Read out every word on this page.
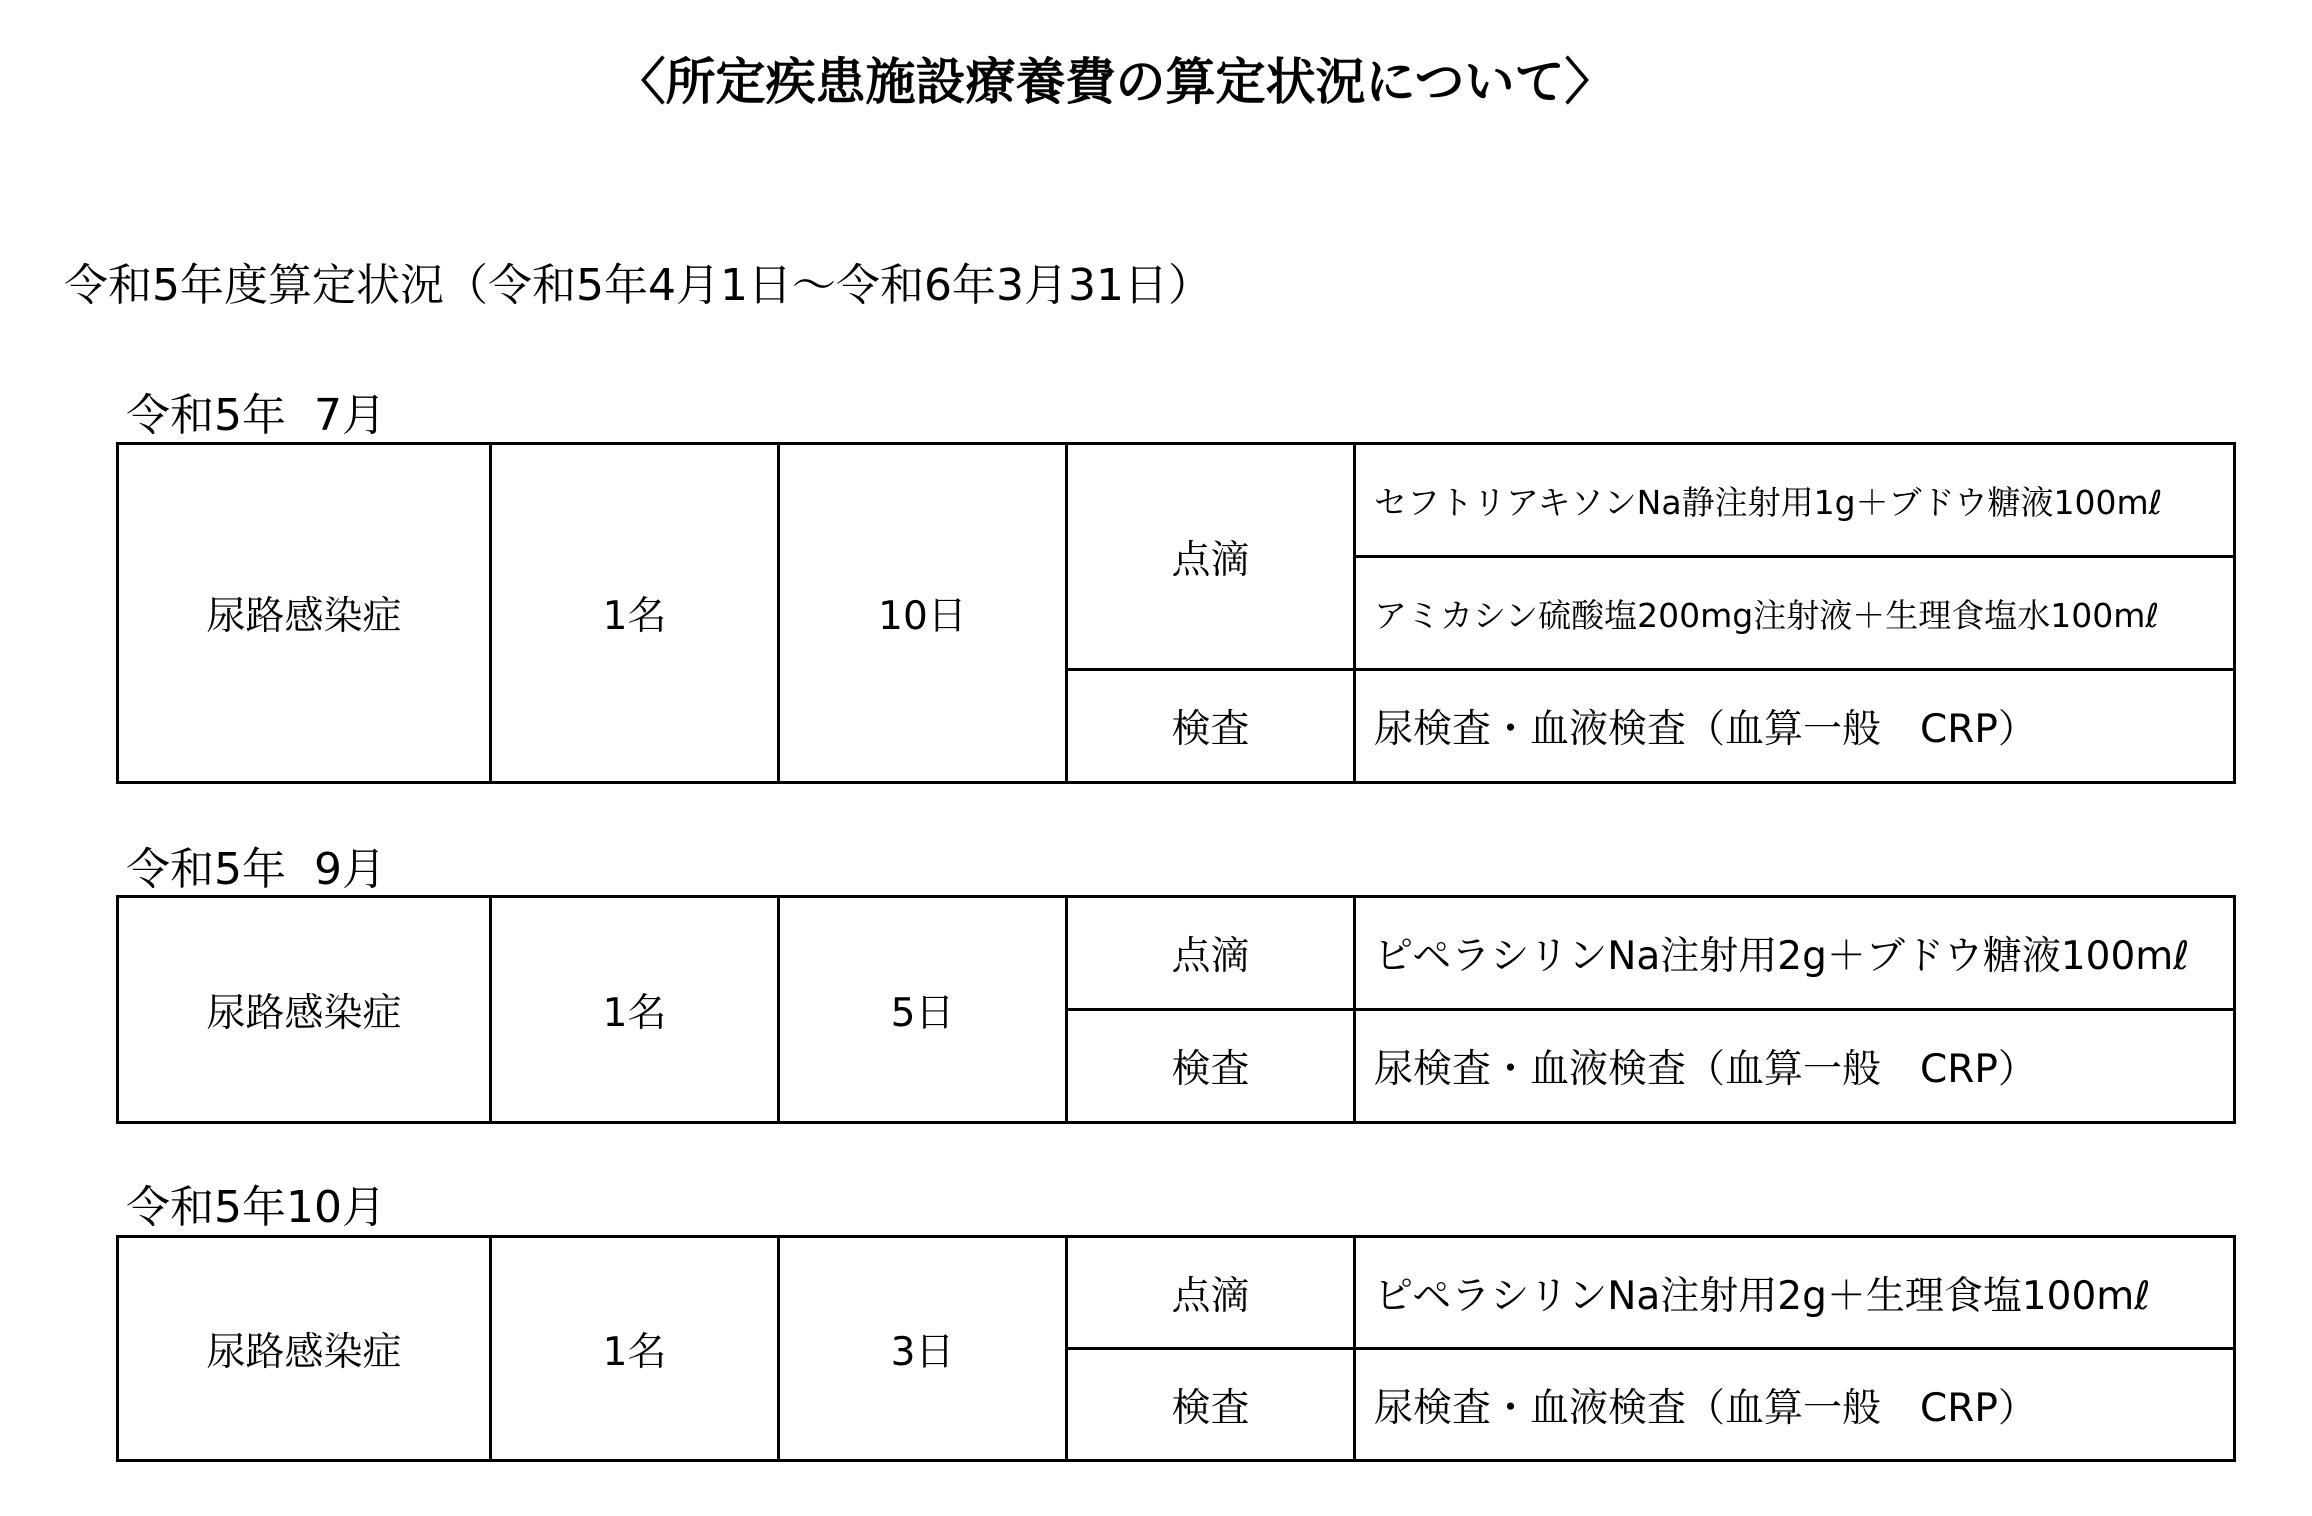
〈所定疾患施設療養費の算定状況について〉
令和5年度算定状況（令和5年4月1日～令和6年3月31日）
令和5年  7月
尿路感染症	1名	10日	点滴	セフトリアキソンNa静注射用1g＋ブドウ糖液100mℓ
				アミカシン硫酸塩200mg注射液＋生理食塩水100mℓ
			検査	尿検査・血液検査（血算一般　CRP）
令和5年  9月
尿路感染症	1名	5日	点滴	ピペラシリンNa注射用2g＋ブドウ糖液100mℓ
			検査	尿検査・血液検査（血算一般　CRP）
令和5年10月
尿路感染症	1名	3日	点滴	ピペラシリンNa注射用2g＋生理食塩100mℓ
			検査	尿検査・血液検査（血算一般　CRP）
